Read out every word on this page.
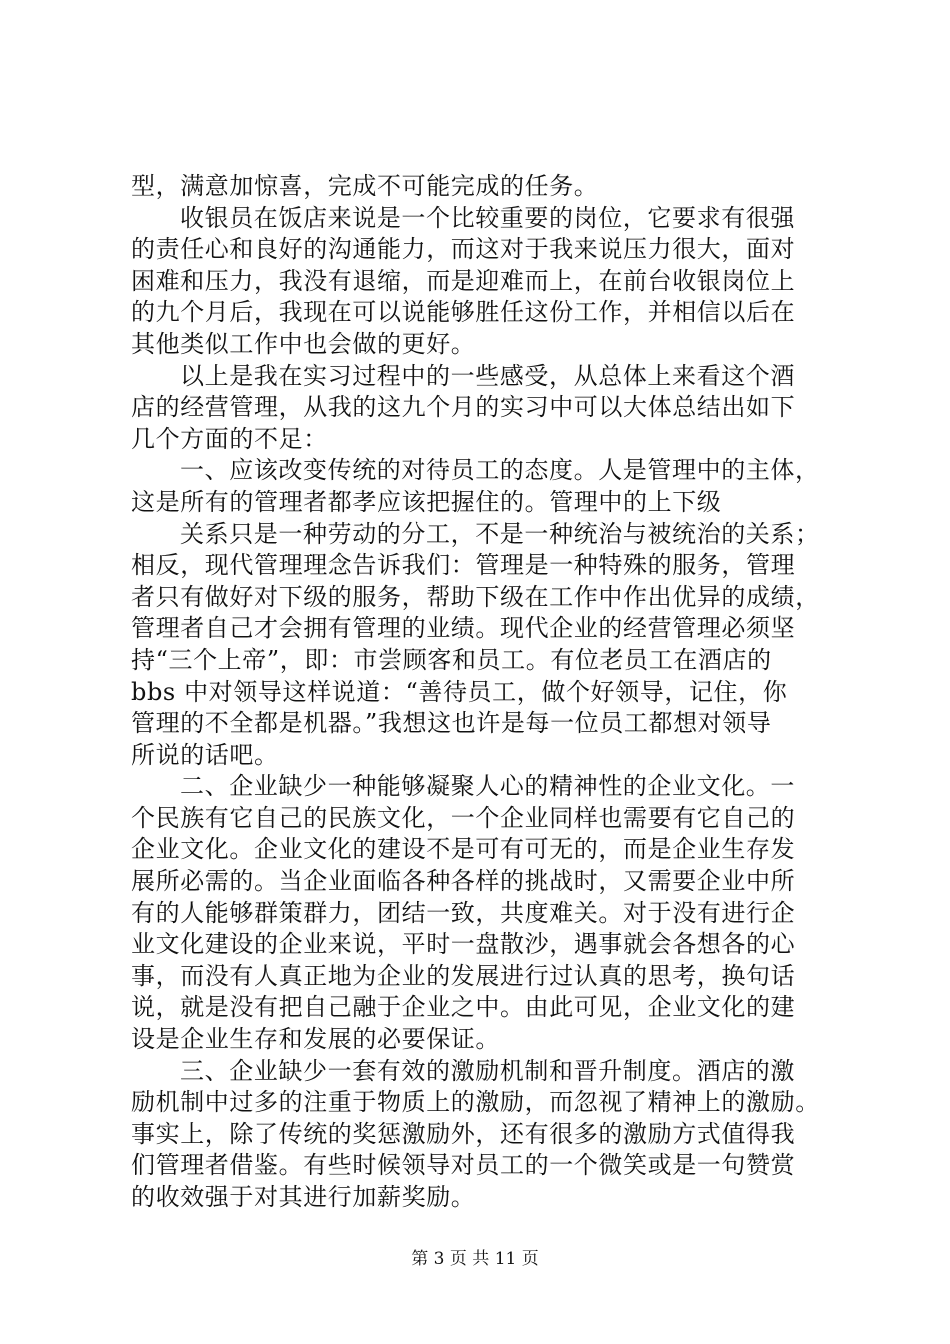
型，满意加惊喜，完成不可能完成的任务。
收银员在饭店来说是一个比较重要的岗位，它要求有很强
的责任心和良好的沟通能力，而这对于我来说压力很大，面对
困难和压力，我没有退缩，而是迎难而上，在前台收银岗位上
的九个月后，我现在可以说能够胜任这份工作，并相信以后在
其他类似工作中也会做的更好。
以上是我在实习过程中的一些感受，从总体上来看这个酒
店的经营管理，从我的这九个月的实习中可以大体总结出如下
几个方面的不足：
一、应该改变传统的对待员工的态度。人是管理中的主体，
这是所有的管理者都孝应该把握住的。管理中的上下级
关系只是一种劳动的分工，不是一种统治与被统治的关系；
相反，现代管理理念告诉我们：管理是一种特殊的服务，管理
者只有做好对下级的服务，帮助下级在工作中作出优异的成绩，
管理者自己才会拥有管理的业绩。现代企业的经营管理必须坚
持“三个上帝”，即：市尝顾客和员工。有位老员工在酒店的
bbs 中对领导这样说道：“善待员工，做个好领导，记住，你
管理的不全都是机器。”我想这也许是每一位员工都想对领导
所说的话吧。
二、企业缺少一种能够凝聚人心的精神性的企业文化。一
个民族有它自己的民族文化，一个企业同样也需要有它自己的
企业文化。企业文化的建设不是可有可无的，而是企业生存发
展所必需的。当企业面临各种各样的挑战时，又需要企业中所
有的人能够群策群力，团结一致，共度难关。对于没有进行企
业文化建设的企业来说，平时一盘散沙，遇事就会各想各的心
事，而没有人真正地为企业的发展进行过认真的思考，换句话
说，就是没有把自己融于企业之中。由此可见，企业文化的建
设是企业生存和发展的必要保证。
三、企业缺少一套有效的激励机制和晋升制度。酒店的激
励机制中过多的注重于物质上的激励，而忽视了精神上的激励。
事实上，除了传统的奖惩激励外，还有很多的激励方式值得我
们管理者借鉴。有些时候领导对员工的一个微笑或是一句赞赏
的收效强于对其进行加薪奖励。
第 3 页 共 11 页
